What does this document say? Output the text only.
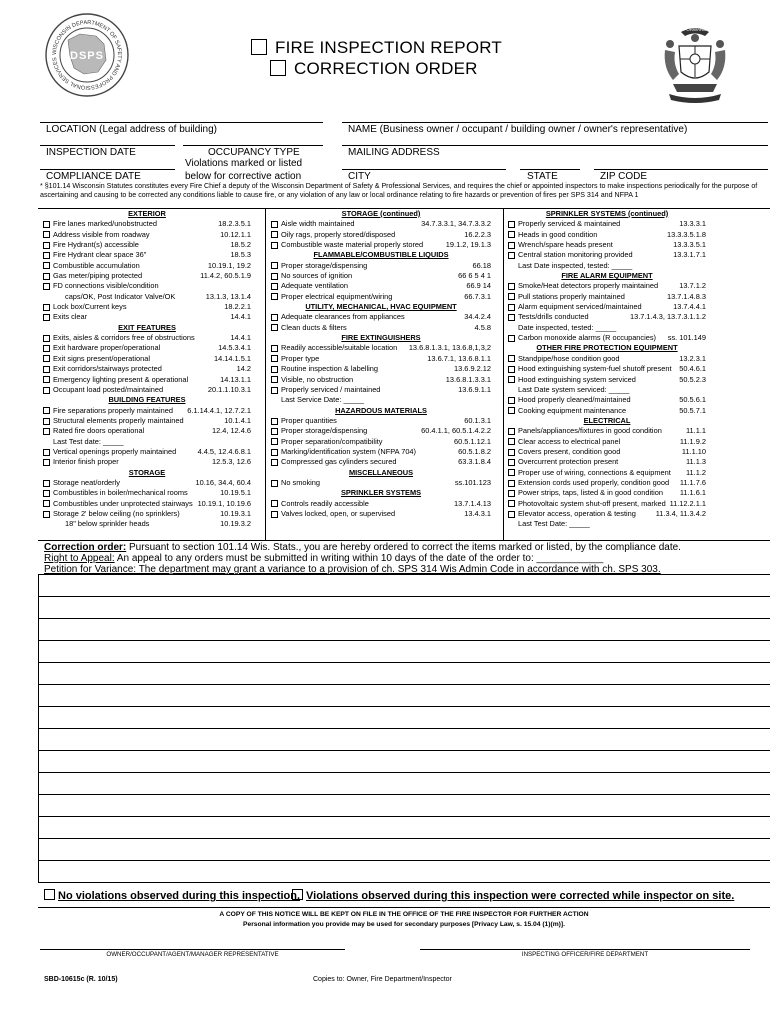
WISCONSIN DEPARTMENT OF SAFETY AND PROFESSIONAL SERVICES	DSPS	FIRE INSPECTION REPORT
CORRECTION ORDER
FORWARD
LOCATION (Legal address of building)	NAME (Business owner / occupant / building owner / owner's representative)
INSPECTION DATE	OCCUPANCY TYPE	MAILING ADDRESS
Violations marked or listed
COMPLIANCE DATE	below for corrective action	CITY	STATE	ZIP CODE
* §101.14 Wisconsin Statutes constitutes every Fire Chief a deputy of the Wisconsin Department of Safety & Professional Services, and requires the chief or appointed inspectors to make inspections periodically for the purpose of ascertaining and causing to be corrected any conditions liable to cause fire, or any violation of any law or local ordinance relating to fire hazards or prevention of fires per SPS 314 and NFPA 1
EXTERIOR
Fire lanes marked/unobstructed	18.2.3.5.1
Address visible from roadway	10.12.1.1
Fire Hydrant(s) accessible	18.5.2
Fire Hydrant clear space 36"	18.5.3
Combustible accumulation	10.19.1, 19.2
Gas meter/piping protected	11.4.2, 60.5.1.9
FD connections visible/condition
caps/OK, Post Indicator Valve/OK	13.1.3, 13.1.4
Lock box/Current keys	18.2.2.1
Exits clear	14.4.1
EXIT FEATURES
Exits, aisles & corridors free of obstructions	14.4.1
Exit hardware proper/operational	14.5.3.4.1
Exit signs present/operational	14.14.1.5.1
Exit corridors/stairways protected	14.2
Emergency lighting present & operational	14.13.1.1
Occupant load posted/maintained	20.1.1.10.3.1
BUILDING FEATURES
Fire separations properly maintained	6.1.14.4.1, 12.7.2.1
Structural elements properly maintained	10.1.4.1
Rated fire doors operational	12.4, 12.4.6
Last Test date: _____
Vertical openings properly maintained	4.4.5, 12.4.6.8.1
Interior finish proper	12.5.3, 12.6
STORAGE
Storage neat/orderly	10.16, 34.4, 60.4
Combustibles in boiler/mechanical rooms	10.19.5.1
Combustibles under unprotected stairways 10.19.1, 10.19.6
Storage 2' below ceiling (no sprinklers)	10.19.3.1
18" below sprinkler heads	10.19.3.2
STORAGE (continued)
Aisle width maintained	34.7.3.3.1, 34.7.3.3.2
Oily rags, properly stored/disposed	16.2.2.3
Combustible waste material properly stored	19.1.2, 19.1.3
FLAMMABLE/COMBUSTIBLE LIQUIDS
Proper storage/dispensing	66.18
No sources of ignition	66 6 5 4 1
Adequate ventilation	66.9 14
Proper electrical equipment/wiring	66.7.3.1
UTILITY, MECHANICAL, HVAC EQUIPMENT
Adequate clearances from appliances	34.4.2.4
Clean ducts & filters	4.5.8
FIRE EXTINGUISHERS
Readily accessible/suitable location	13.6.8.1.3.1, 13.6.8,1,3,2
Proper type	13.6.7.1, 13.6.8.1.1
Routine inspection & labelling	13.6.9.2.12
Visible, no obstruction	13.6.8.1.3.3.1
Properly serviced / maintained	13.6.9.1.1
Last Service Date: _____
HAZARDOUS MATERIALS
Proper quantities	60.1.3.1
Proper storage/dispensing	60.4.1.1, 60.5.1.4.2.2
Proper separation/compatibility	60.5.1.12.1
Marking/identification system (NFPA 704)	60.5.1.8.2
Compressed gas cylinders secured	63.3.1.8.4
MISCELLANEOUS
No smoking	ss.101.123
SPRINKLER SYSTEMS
Controls readily accessible	13.7.1.4.13
Valves locked, open, or supervised	13.4.3.1
SPRINKLER SYSTEMS (continued)
Properly serviced & maintained	13.3.3.1
Heads in good condition	13.3.3.5.1.8
Wrench/spare heads present	13.3.3.5.1
Central station monitoring provided	13.3.1.7.1
Last Date inspected, tested: _____
FIRE ALARM EQUIPMENT
Smoke/Heat detectors properly maintained	13.7.1.2
Pull stations properly maintained	13.7.1.4.8.3
Alarm equipment serviced/maintained	13.7.4.4.1
Tests/drills conducted	13.7.1.4.3, 13.7.3.1.1.2
Date inspected, tested: _____
Carbon monoxide alarms (R occupancies)	ss. 101.149
OTHER FIRE PROTECTION EQUIPMENT
Standpipe/hose condition good	13.2.3.1
Hood extinguishing system-fuel shutoff present	50.4.6.1
Hood extinguishing system serviced	50.5.2.3
Last Date system serviced: _____
Hood properly cleaned/maintained	50.5.6.1
Cooking equipment maintenance	50.5.7.1
ELECTRICAL
Panels/appliances/fixtures in good condition	11.1.1
Clear access to electrical panel	11.1.9.2
Covers present, condition good	11.1.10
Overcurrent protection present	11.1.3
Proper use of wiring, connections & equipment	11.1.2
Extension cords used properly, condition good	11.1.7.6
Power strips, taps, listed & in good condition	11.1.6.1
Photovoltaic system shut-off present, marked 11.12.2.1.1
Elevator access, operation & testing	11.3.4, 11.3.4.2
Last Test Date: _____
Correction order: Pursuant to section 101.14 Wis. Stats., you are hereby ordered to correct the items marked or listed, by the compliance date.
Right to Appeal: An appeal to any orders must be submitted in writing within 10 days of the date of the order to: ____________
Petition for Variance: The department may grant a variance to a provision of ch. SPS 314 Wis Admin Code in accordance with ch. SPS 303.
No violations observed during this inspection. Violations observed during this inspection were corrected while inspector on site.
A COPY OF THIS NOTICE WILL BE KEPT ON FILE IN THE OFFICE OF THE FIRE INSPECTOR FOR FURTHER ACTION
Personal information you provide may be used for secondary purposes [Privacy Law, s. 15.04 (1)(m)].
OWNER/OCCUPANT/AGENT/MANAGER REPRESENTATIVE	INSPECTING OFFICER/FIRE DEPARTMENT
SBD-10615c (R. 10/15)	Copies to: Owner, Fire Department/Inspector
